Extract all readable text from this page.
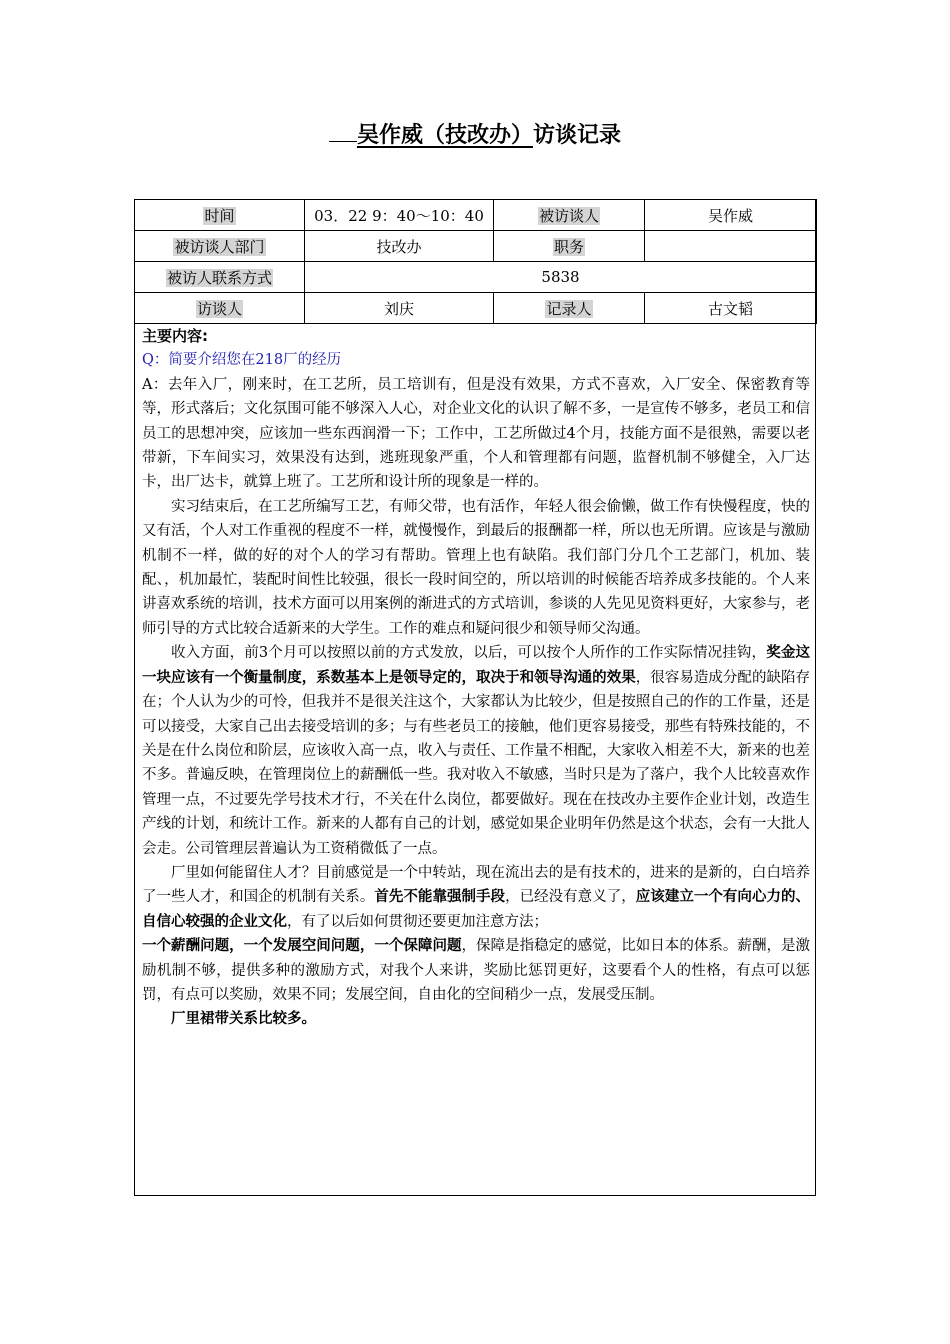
吴作威（技改办）访谈记录
时间	03．22 9：40～10：40	被访谈人	吴作威
被访谈人部门	技改办	职务	
被访人联系方式	5838		
访谈人	刘庆	记录人	古文韬

主要内容:

Q：简要介绍您在218厂的经历

A：去年入厂，刚来时，在工艺所，员工培训有，但是没有效果，方式不喜欢，入厂安全、保密教育等等，形式落后；文化氛围可能不够深入人心，对企业文化的认识了解不多，一是宣传不够多，老员工和信员工的思想冲突，应该加一些东西润滑一下；工作中，工艺所做过4个月，技能方面不是很熟，需要以老带新，下车间实习，效果没有达到，逃班现象严重，个人和管理都有问题，监督机制不够健全，入厂达卡，出厂达卡，就算上班了。工艺所和设计所的现象是一样的。

实习结束后，在工艺所编写工艺，有师父带，也有活作，年轻人很会偷懒，做工作有快慢程度，快的又有活，个人对工作重视的程度不一样，就慢慢作，到最后的报酬都一样，所以也无所谓。应该是与激励机制不一样，做的好的对个人的学习有帮助。管理上也有缺陷。我们部门分几个工艺部门，机加、装配、，机加最忙，装配时间性比较强，很长一段时间空的，所以培训的时候能否培养成多技能的。个人来讲喜欢系统的培训，技术方面可以用案例的渐进式的方式培训，参谈的人先见见资料更好，大家参与，老师引导的方式比较合适新来的大学生。工作的难点和疑问很少和领导师父沟通。

收入方面，前3个月可以按照以前的方式发放，以后，可以按个人所作的工作实际情况挂钩，奖金这一块应该有一个衡量制度，系数基本上是领导定的，取决于和领导沟通的效果，很容易造成分配的缺陷存在；个人认为少的可怜，但我并不是很关注这个，大家都认为比较少，但是按照自己的作的工作量，还是可以接受，大家自己出去接受培训的多；与有些老员工的接触，他们更容易接受，那些有特殊技能的，不关是在什么岗位和阶层，应该收入高一点，收入与责任、工作量不相配，大家收入相差不大，新来的也差不多。普遍反映，在管理岗位上的薪酬低一些。我对收入不敏感，当时只是为了落户，我个人比较喜欢作管理一点，不过要先学号技术才行，不关在什么岗位，都要做好。现在在技改办主要作企业计划，改造生产线的计划，和统计工作。新来的人都有自己的计划，感觉如果企业明年仍然是这个状态，会有一大批人会走。公司管理层普遍认为工资稍微低了一点。

厂里如何能留住人才？目前感觉是一个中转站，现在流出去的是有技术的，进来的是新的，白白培养了一些人才，和国企的机制有关系。首先不能靠强制手段，已经没有意义了，应该建立一个有向心力的、自信心较强的企业文化，有了以后如何贯彻还要更加注意方法；

一个薪酬问题，一个发展空间问题，一个保障问题，保障是指稳定的感觉，比如日本的体系。薪酬，是激励机制不够，提供多种的激励方式，对我个人来讲，奖励比惩罚更好，这要看个人的性格，有点可以惩罚，有点可以奖励，效果不同；发展空间，自由化的空间稍少一点，发展受压制。

厂里裙带关系比较多。
